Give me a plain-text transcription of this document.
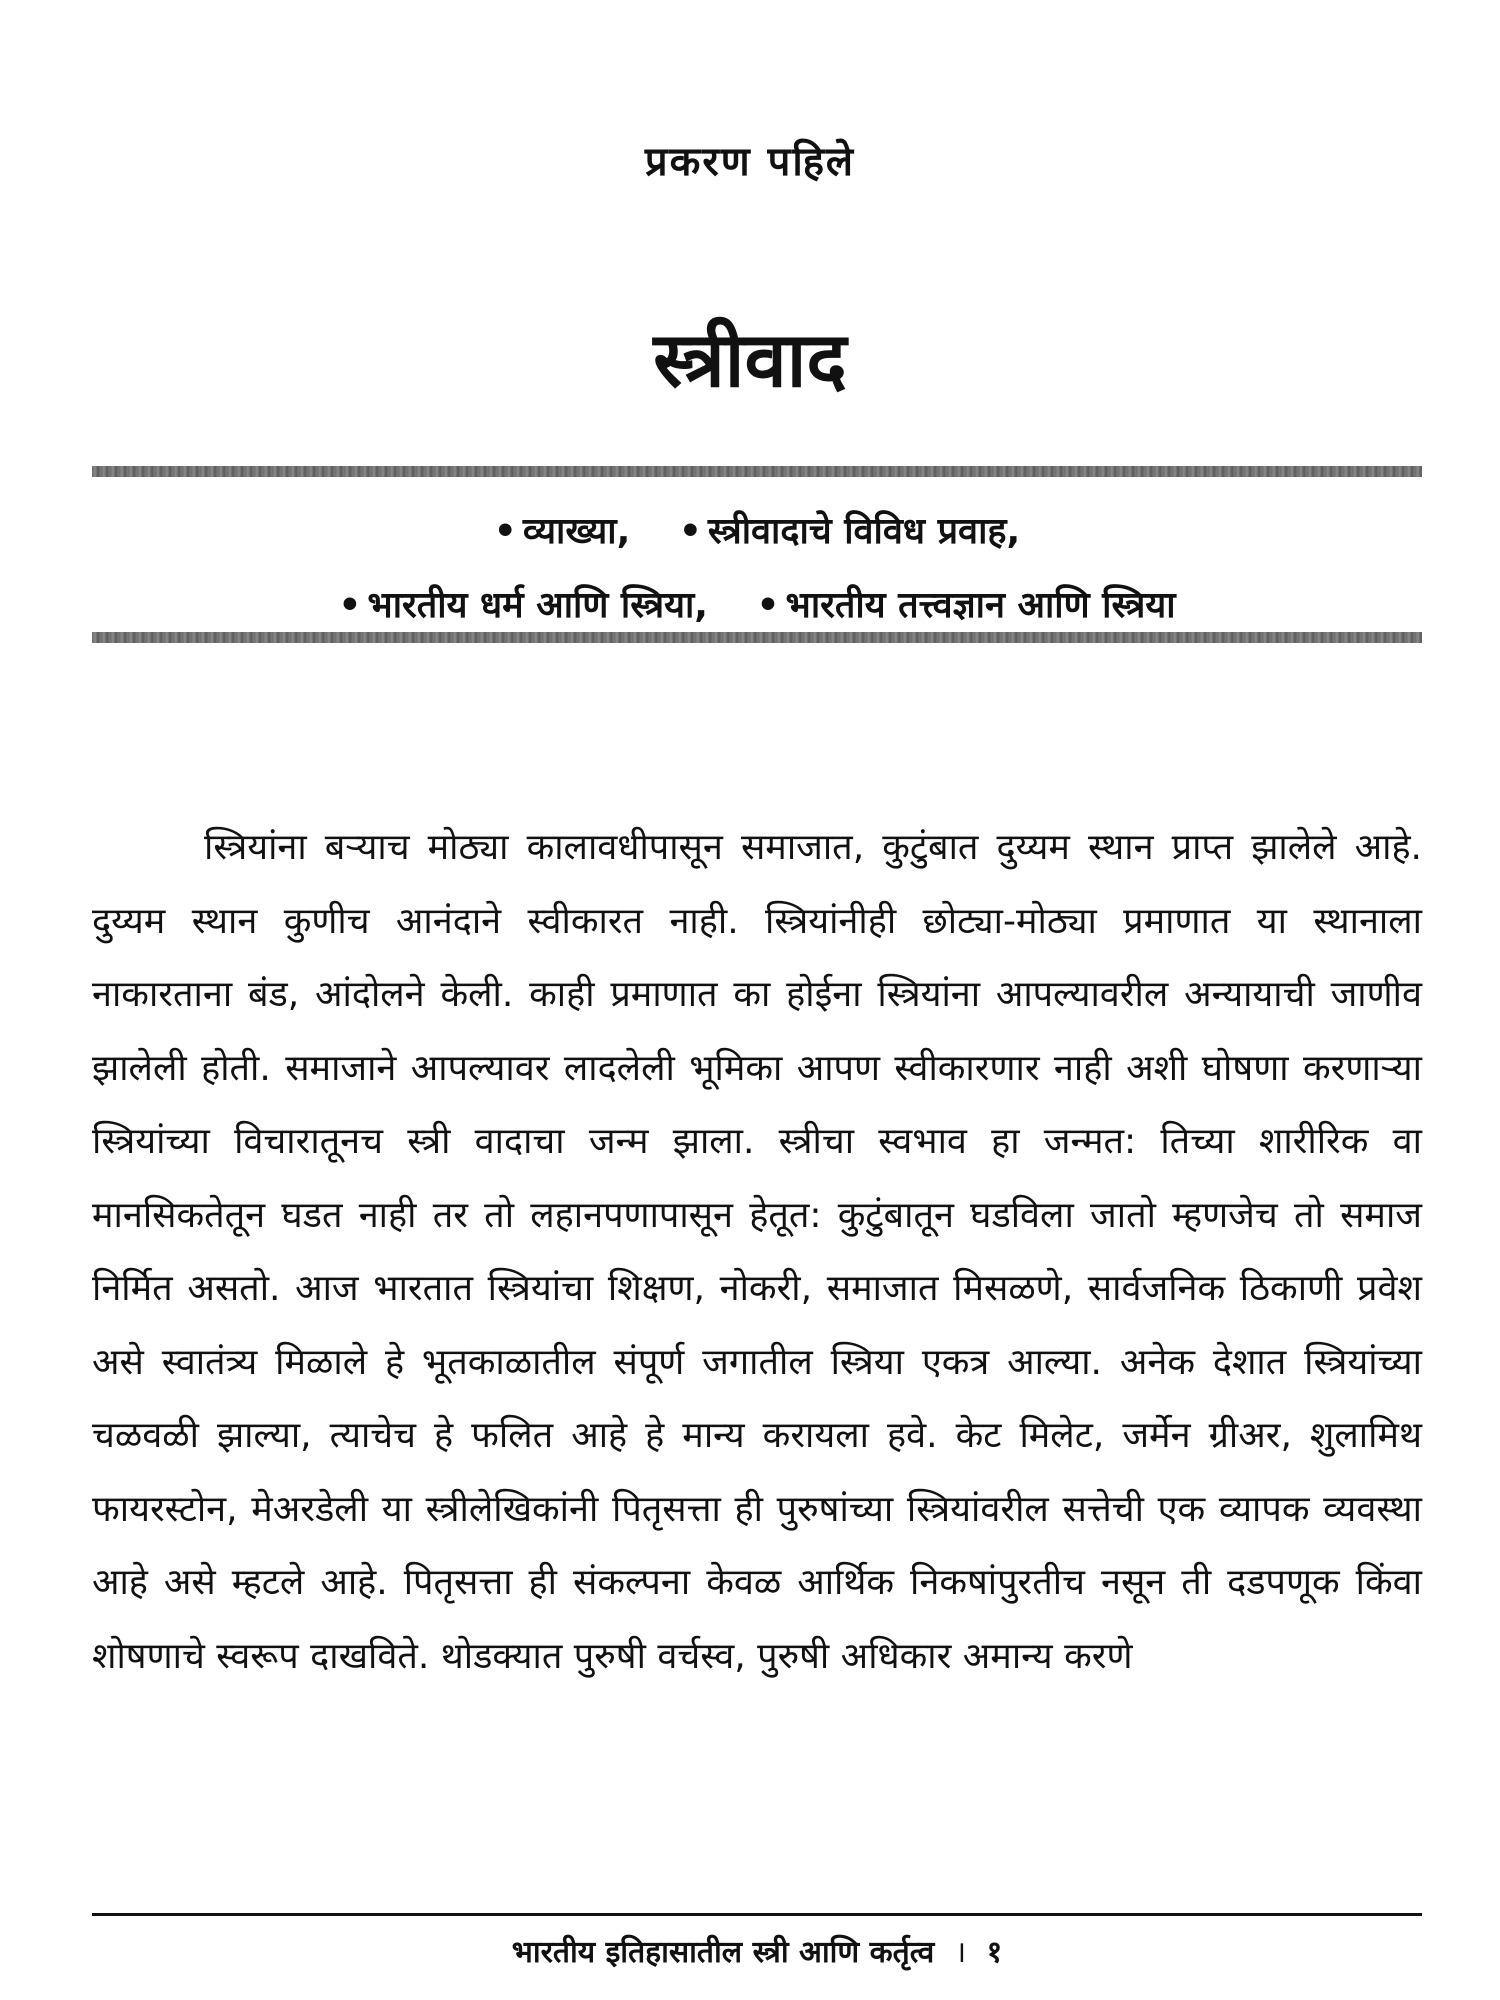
प्रकरण पहिले
स्त्रीवाद
• व्याख्या, • स्त्रीवादाचे विविध प्रवाह,
• भारतीय धर्म आणि स्त्रिया, • भारतीय तत्त्वज्ञान आणि स्त्रिया

स्त्रियांना बऱ्याच मोठ्या कालावधीपासून समाजात, कुटुंबात दुय्यम स्थान प्राप्त झालेले आहे. दुय्यम स्थान कुणीच आनंदाने स्वीकारत नाही. स्त्रियांनीही छोट्या-मोठ्या प्रमाणात या स्थानाला नाकारताना बंड, आंदोलने केली. काही प्रमाणात का होईना स्त्रियांना आपल्यावरील अन्यायाची जाणीव झालेली होती. समाजाने आपल्यावर लादलेली भूमिका आपण स्वीकारणार नाही अशी घोषणा करणाऱ्या स्त्रियांच्या विचारातूनच स्त्री वादाचा जन्म झाला. स्त्रीचा स्वभाव हा जन्मत: तिच्या शारीरिक वा मानसिकतेतून घडत नाही तर तो लहानपणापासून हेतूत: कुटुंबातून घडविला जातो म्हणजेच तो समाज निर्मित असतो. आज भारतात स्त्रियांचा शिक्षण, नोकरी, समाजात मिसळणे, सार्वजनिक ठिकाणी प्रवेश असे स्वातंत्र्य मिळाले हे भूतकाळातील संपूर्ण जगातील स्त्रिया एकत्र आल्या. अनेक देशात स्त्रियांच्या चळवळी झाल्या, त्याचेच हे फलित आहे हे मान्य करायला हवे. केट मिलेट, जर्मेन ग्रीअर, शुलामिथ फायरस्टोन, मेअरडेली या स्त्रीलेखिकांनी पितृसत्ता ही पुरुषांच्या स्त्रियांवरील सत्तेची एक व्यापक व्यवस्था आहे असे म्हटले आहे. पितृसत्ता ही संकल्पना केवळ आर्थिक निकषांपुरतीच नसून ती दडपणूक किंवा शोषणाचे स्वरूप दाखविते. थोडक्यात पुरुषी वर्चस्व, पुरुषी अधिकार अमान्य करणे

भारतीय इतिहासातील स्त्री आणि कर्तृत्व । १
